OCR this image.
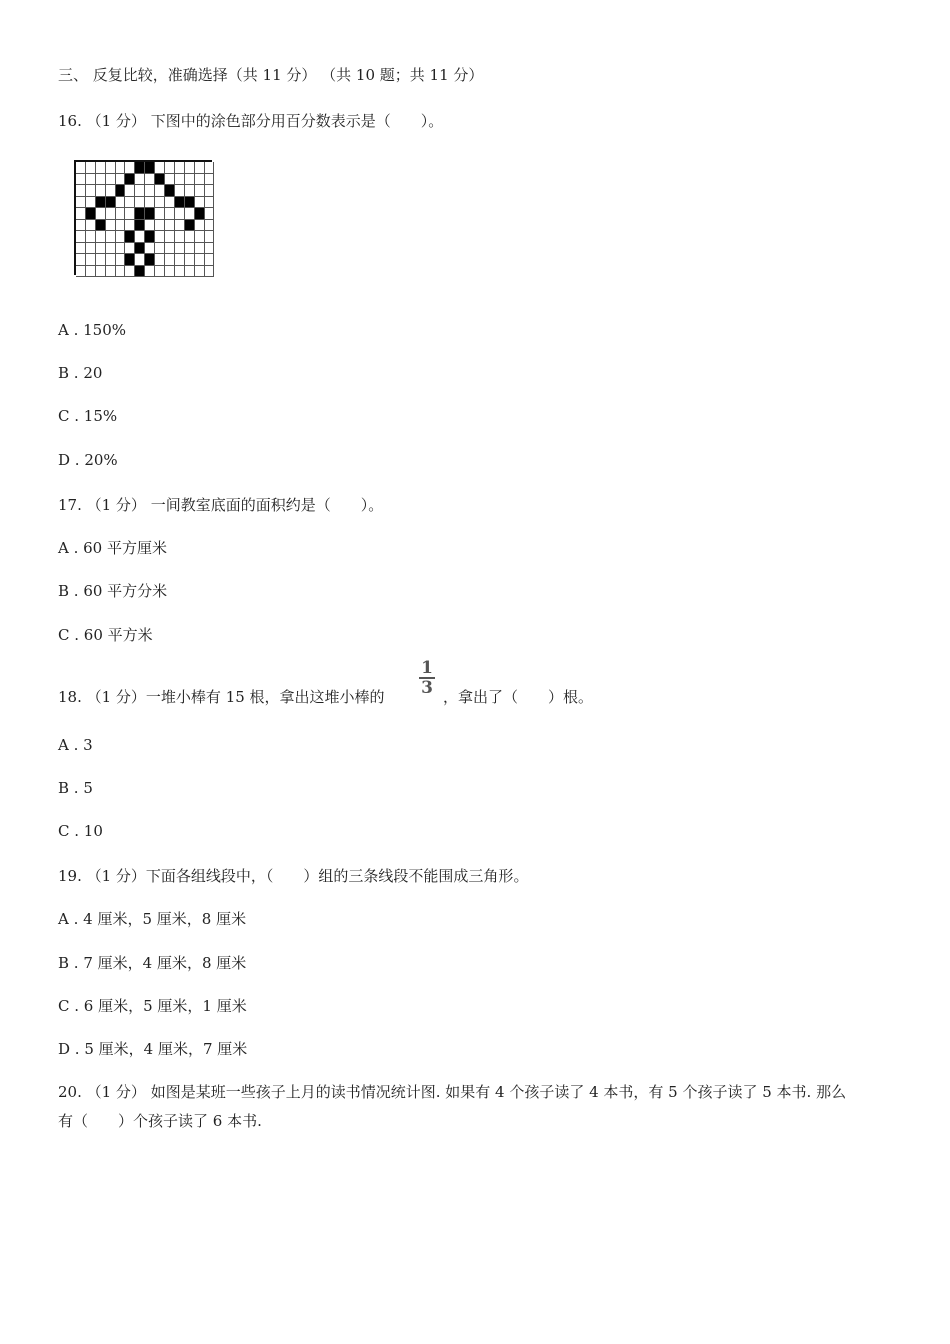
三、 反复比较，准确选择（共 11 分） （共 10 题；共 11 分）
16. （1 分） 下图中的涂色部分用百分数表示是（　　）。
A . 150%
B . 20
C . 15%
D . 20%
17. （1 分） 一间教室底面的面积约是（　　）。
A . 60 平方厘米
B . 60 平方分米
C . 60 平方米
18. （1 分）一堆小棒有 15 根，拿出这堆小棒的 $\frac{1}{3}$ ，拿出了（　　）根。
A . 3
B . 5
C . 10
19. （1 分）下面各组线段中，（　　）组的三条线段不能围成三角形。
A . 4 厘米，5 厘米，8 厘米
B . 7 厘米，4 厘米，8 厘米
C . 6 厘米，5 厘米，1 厘米
D . 5 厘米，4 厘米，7 厘米
20. （1 分） 如图是某班一些孩子上月的读书情况统计图. 如果有 4 个孩子读了 4 本书，有 5 个孩子读了 5 本书. 那么
有（　　）个孩子读了 6 本书.
